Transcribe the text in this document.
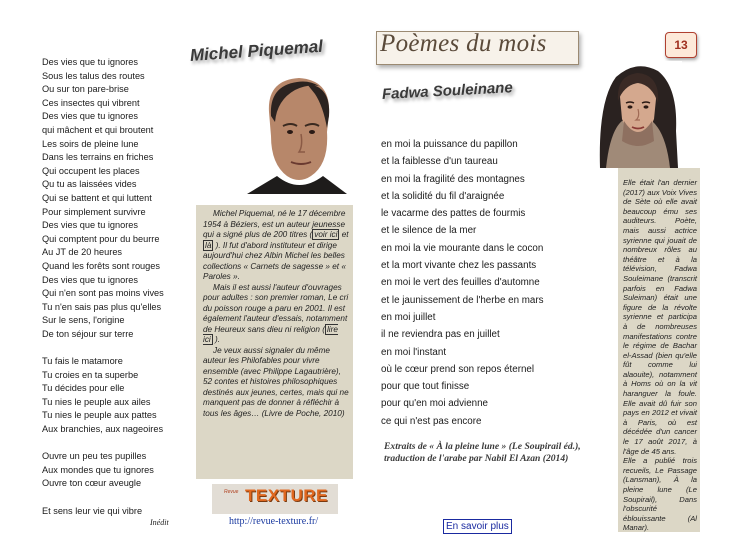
Des vies que tu ignores
Sous les talus des routes
Ou sur ton pare-brise
Ces insectes qui vibrent
Des vies que tu ignores
qui mâchent et qui broutent
Les soirs de pleine lune
Dans les terrains en friches
Qui occupent les places
Qu tu as laissées vides
Qui se battent et qui luttent
Pour simplement survivre
Des vies que tu ignores
Qui comptent pour du beurre
Au JT de 20 heures
Quand les forêts sont rouges
Des vies que tu ignores
Qui n'en sont pas moins vives
Tu n'en sais pas plus qu'elles
Sur le sens, l'origine
De ton séjour sur terre
Tu fais le matamore
Tu croies en ta superbe
Tu décides pour elle
Tu nies le peuple aux ailes
Tu nies le peuple aux pattes
Aux branchies, aux nageoires
Ouvre un peu tes pupilles
Aux mondes que tu ignores
Ouvre ton cœur aveugle
Et sens leur vie qui vibre
Inédit
Michel Piquemal Poèmes du mois	13
Fadwa Souleinane

Michel Piquemal, né le 17 décembre 1954 à Béziers, est un auteur jeunesse qui a signé plus de 200 titres ( voir ici et là ). Il fut d'abord instituteur et dirige aujourd'hui chez Albin Michel les belles collections « Carnets de sagesse » et « Paroles ».

Mais il est aussi l'auteur d'ouvrages pour adultes : son premier roman, Le cri du poisson rouge a paru en 2001. Il est également l'auteur d'essais, notamment de Heureux sans dieu ni religion ( lire ici ).

Je veux aussi signaler du même auteur les Philofables pour vivre ensemble (avec Philippe Lagautrière), 52 contes et histoires philosophiques destinés aux jeunes, certes, mais qui ne manquent pas de donner à réfléchir à tous les âges… (Livre de Poche, 2010)

Revue TEXTURE
http://revue-texture.fr/
en moi la puissance du papillon
et la faiblesse d'un taureau
en moi la fragilité des montagnes
et la solidité du fil d'araignée
le vacarme des pattes de fourmis
et le silence de la mer
en moi la vie mourante dans le cocon
et la mort vivante chez les passants
en moi le vert des feuilles d'automne
et le jaunissement de l'herbe en mars
en moi juillet
il ne reviendra pas en juillet
en moi l'instant
où le cœur prend son repos éternel
pour que tout finisse
pour qu'en moi advienne
ce qui n'est pas encore
Extraits de « À la pleine lune » (Le Soupirail éd.), traduction de l'arabe par Nabil El Azan (2014)
En savoir plus

Elle était l'an dernier (2017) aux Voix Vives de Sète où elle avait beaucoup ému ses auditeurs. Poète, mais aussi actrice syrienne qui jouait de nombreux rôles au théâtre et à la télévision, Fadwa Souleimane (transcrit parfois en Fadwa Suleiman) était une figure de la révolte syrienne et participa à de nombreuses manifestations contre le régime de Bachar el-Assad (bien qu'elle fût comme lui alaouite), notamment à Homs où on la vit haranguer la foule. Elle avait dû fuir son pays en 2012 et vivait à Paris, où est décédée d'un cancer le 17 août 2017, à l'âge de 45 ans.

Elle a publié trois recueils, Le Passage (Lansman), À la pleine lune (Le Soupirail), Dans l'obscurité éblouissante (Al Manar).
